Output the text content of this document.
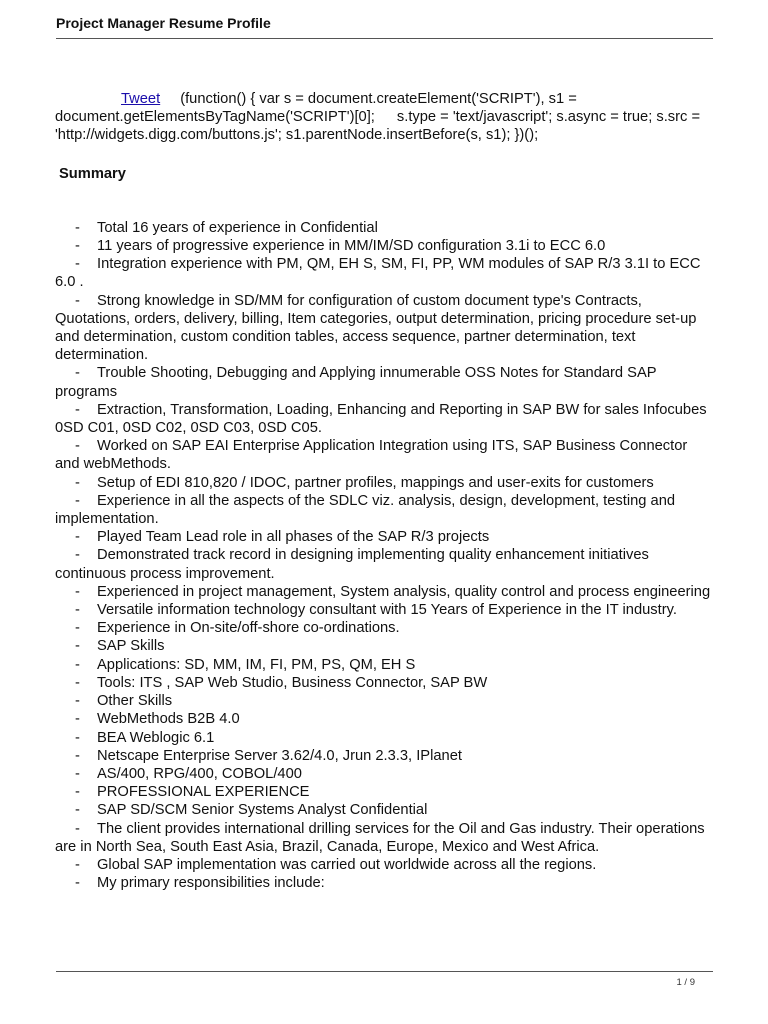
Project Manager Resume Profile

Tweet (function() { var s = document.createElement('SCRIPT'), s1 = document.getElementsByTagName('SCRIPT')[0]; s.type = 'text/javascript'; s.async = true; s.src = 'http://widgets.digg.com/buttons.js'; s1.parentNode.insertBefore(s, s1); })();

Summary
- Total 16 years of experience in Confidential
- 11 years of progressive experience in MM/IM/SD configuration 3.1i to ECC 6.0
- Integration experience with PM, QM, EH S, SM, FI, PP, WM modules of SAP R/3 3.1I to ECC 6.0 .
- Strong knowledge in SD/MM for configuration of custom document type's Contracts, Quotations, orders, delivery, billing, Item categories, output determination, pricing procedure set-up and determination, custom condition tables, access sequence, partner determination, text determination.
- Trouble Shooting, Debugging and Applying innumerable OSS Notes for Standard SAP programs
- Extraction, Transformation, Loading, Enhancing and Reporting in SAP BW for sales Infocubes 0SD C01, 0SD C02, 0SD C03, 0SD C05.
- Worked on SAP EAI Enterprise Application Integration using ITS, SAP Business Connector and webMethods.
- Setup of EDI 810,820 / IDOC, partner profiles, mappings and user-exits for customers
- Experience in all the aspects of the SDLC viz. analysis, design, development, testing and implementation.
- Played Team Lead role in all phases of the SAP R/3 projects
- Demonstrated track record in designing implementing quality enhancement initiatives continuous process improvement.
- Experienced in project management, System analysis, quality control and process engineering
- Versatile information technology consultant with 15 Years of Experience in the IT industry.
- Experience in On-site/off-shore co-ordinations.
- SAP Skills
- Applications: SD, MM, IM, FI, PM, PS, QM, EH S
- Tools: ITS , SAP Web Studio, Business Connector, SAP BW
- Other Skills
- WebMethods B2B 4.0
- BEA Weblogic 6.1
- Netscape Enterprise Server 3.62/4.0, Jrun 2.3.3, IPlanet
- AS/400, RPG/400, COBOL/400
- PROFESSIONAL EXPERIENCE
- SAP SD/SCM Senior Systems Analyst Confidential
- The client provides international drilling services for the Oil and Gas industry. Their operations are in North Sea, South East Asia, Brazil, Canada, Europe, Mexico and West Africa.
- Global SAP implementation was carried out worldwide across all the regions.
- My primary responsibilities include:
1 / 9
